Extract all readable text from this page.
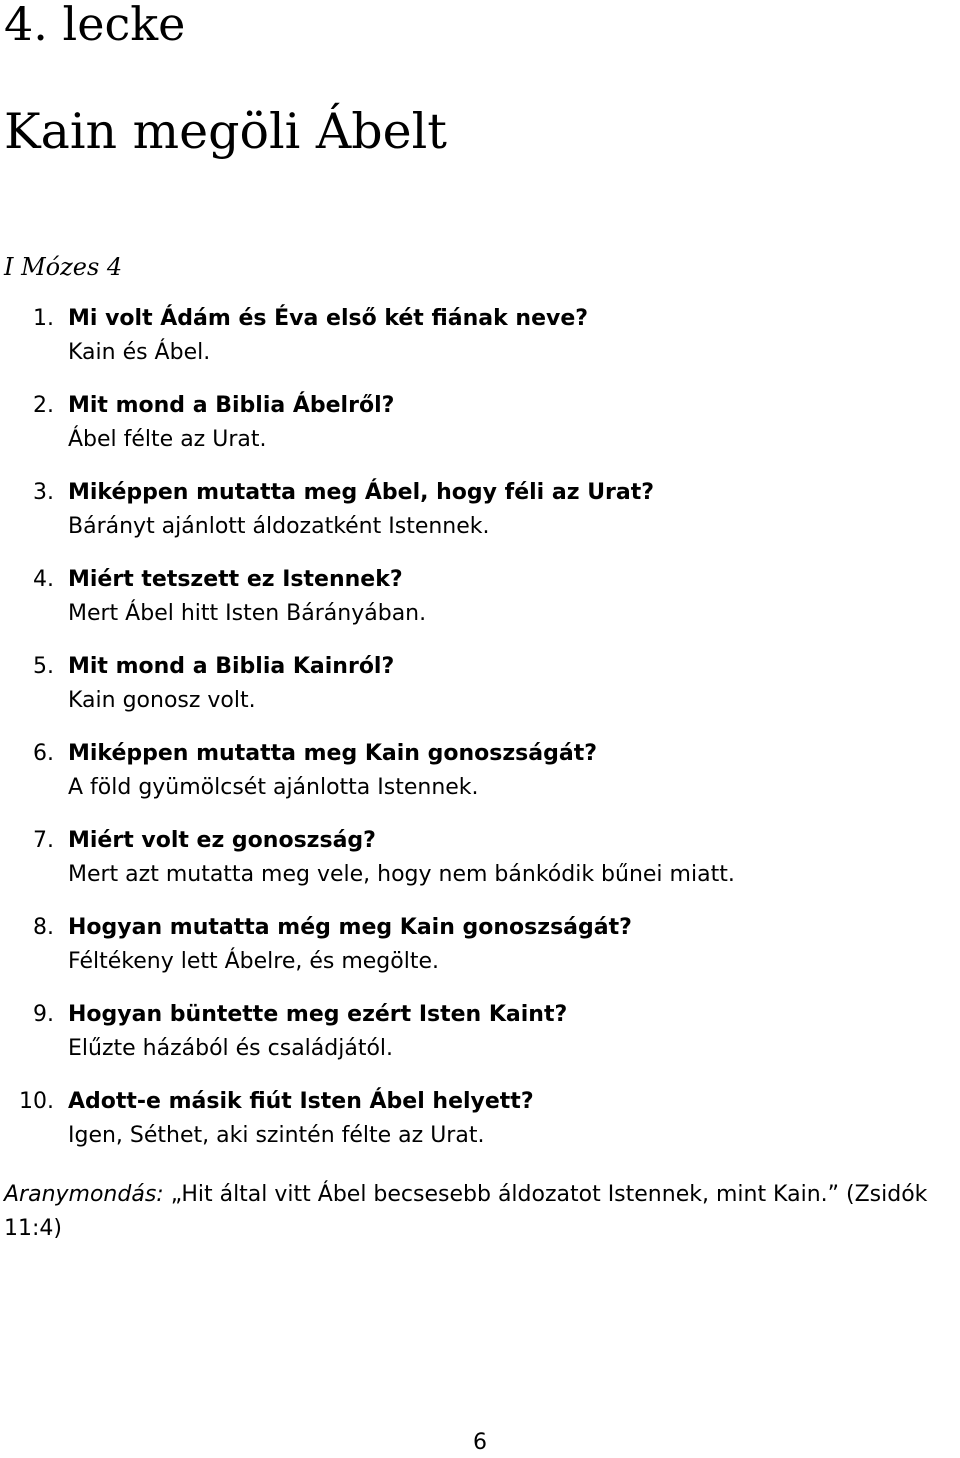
4. lecke
Kain megöli Ábelt
I Mózes 4
1. Mi volt Ádám és Éva első két fiának neve?
Kain és Ábel.
2. Mit mond a Biblia Ábelről?
Ábel félte az Urat.
3. Miképpen mutatta meg Ábel, hogy féli az Urat?
Bárányt ajánlott áldozatként Istennek.
4. Miért tetszett ez Istennek?
Mert Ábel hitt Isten Bárányában.
5. Mit mond a Biblia Kainról?
Kain gonosz volt.
6. Miképpen mutatta meg Kain gonoszságát?
A föld gyümölcsét ajánlotta Istennek.
7. Miért volt ez gonoszság?
Mert azt mutatta meg vele, hogy nem bánkódik bűnei miatt.
8. Hogyan mutatta még meg Kain gonoszságát?
Féltékeny lett Ábelre, és megölte.
9. Hogyan büntette meg ezért Isten Kaint?
Elűzte házából és családjától.
10. Adott-e másik fiút Isten Ábel helyett?
Igen, Séthet, aki szintén félte az Urat.

Aranymondás: „Hit által vitt Ábel becsesebb áldozatot Istennek, mint Kain.” (Zsidók 11:4)

6
